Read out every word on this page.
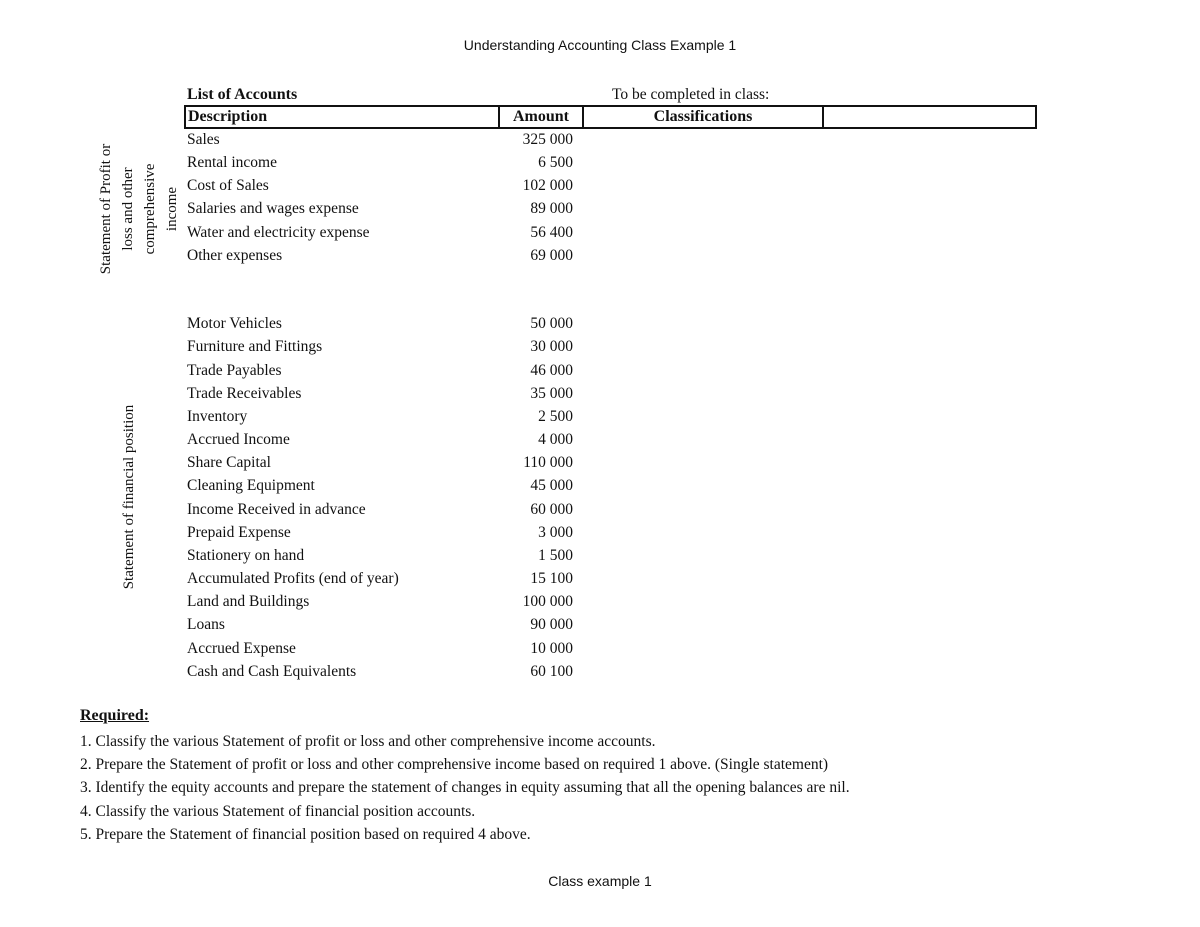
Understanding Accounting Class Example 1
List of Accounts	To be completed in class:
Description	Amount	Classifications
Statement of Profit or loss and other comprehensive income
Statement of financial position
Sales	325 000
Rental income	6 500
Cost of Sales	102 000
Salaries and wages expense	89 000
Water and electricity expense	56 400
Other expenses	69 000
Motor Vehicles	50 000
Furniture and Fittings	30 000
Trade Payables	46 000
Trade Receivables	35 000
Inventory	2 500
Accrued Income	4 000
Share Capital	110 000
Cleaning Equipment	45 000
Income Received in advance	60 000
Prepaid Expense	3 000
Stationery on hand	1 500
Accumulated Profits (end of year)	15 100
Land and Buildings	100 000
Loans	90 000
Accrued Expense	10 000
Cash and Cash Equivalents	60 100
Required:
1. Classify the various Statement of profit or loss and other comprehensive income accounts.
2. Prepare the Statement of profit or loss and other comprehensive income based on required 1 above. (Single statement)
3. Identify the equity accounts and prepare the statement of changes in equity assuming that all the opening balances are nil.
4. Classify the various Statement of financial position accounts.
5. Prepare the Statement of financial position based on required 4 above.
Class example 1
